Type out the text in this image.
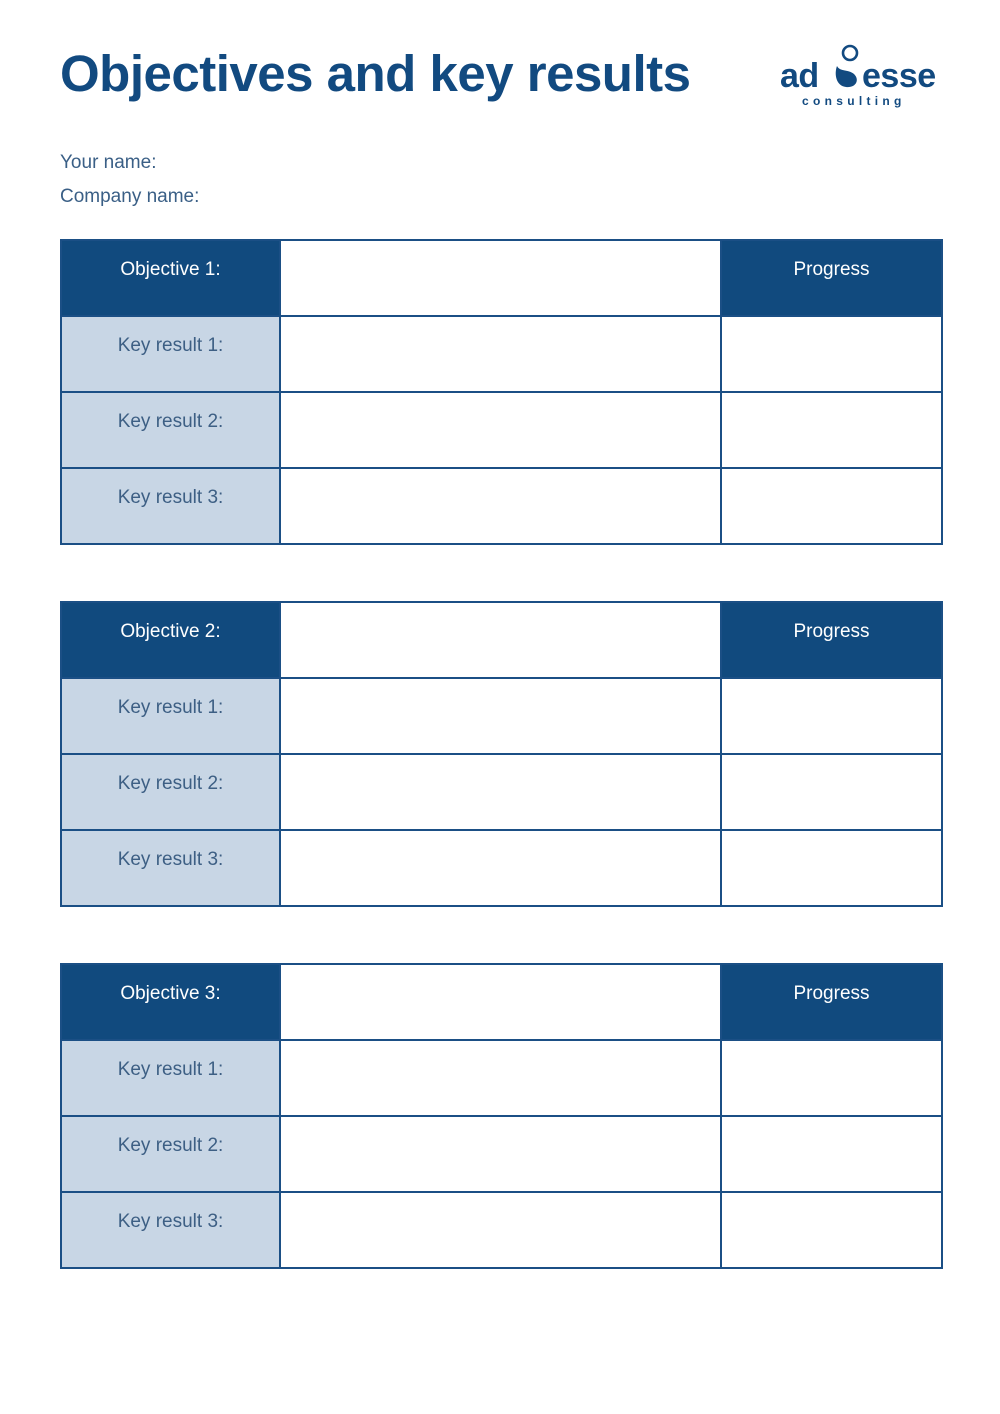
Objectives and key results	ad esse
consulting
Your name:
Company name:
Objective 1:		Progress

Key result 1:		

Key result 2:		

Key result 3:		

Objective 2:		Progress

Key result 1:		

Key result 2:		

Key result 3:		

Objective 3:		Progress

Key result 1:		

Key result 2:		

Key result 3:		
